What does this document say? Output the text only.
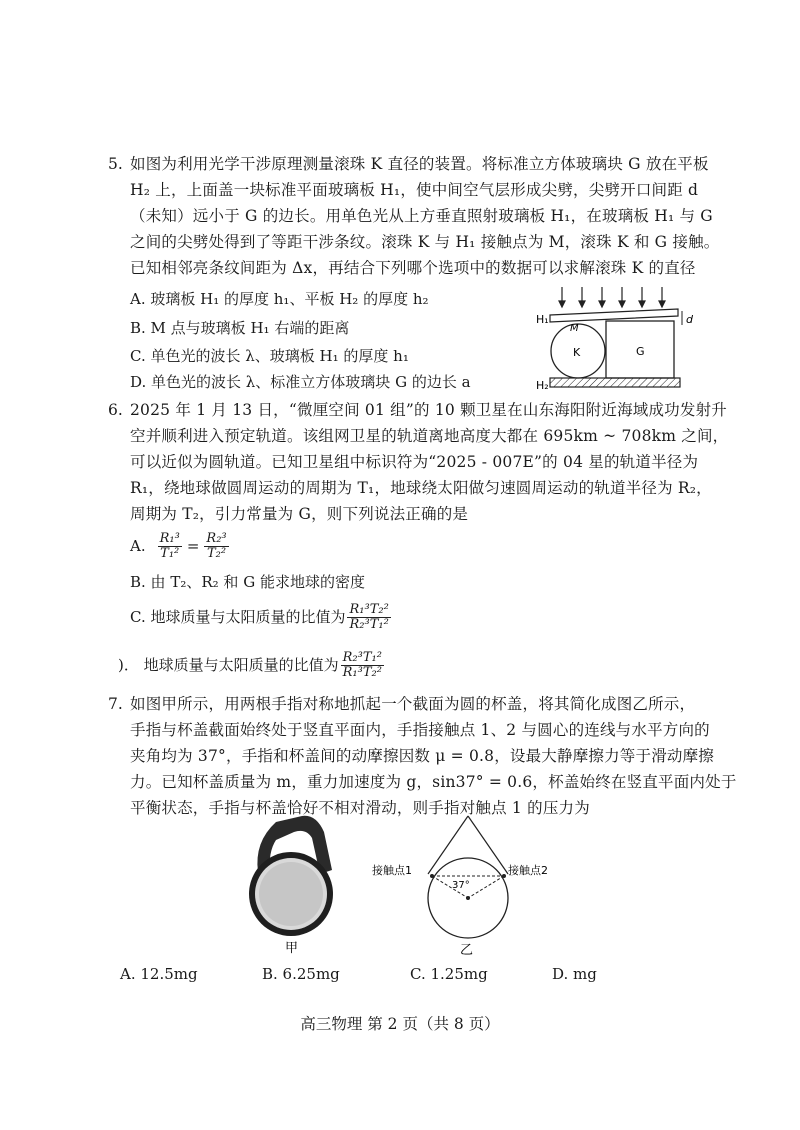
5. 如图为利用光学干涉原理测量滚珠 K 直径的装置。将标准立方体玻璃块 G 放在平板
H₂ 上，上面盖一块标准平面玻璃板 H₁，使中间空气层形成尖劈，尖劈开口间距 d
（未知）远小于 G 的边长。用单色光从上方垂直照射玻璃板 H₁，在玻璃板 H₁ 与 G
之间的尖劈处得到了等距干涉条纹。滚珠 K 与 H₁ 接触点为 M，滚珠 K 和 G 接触。
已知相邻亮条纹间距为 Δx，再结合下列哪个选项中的数据可以求解滚珠 K 的直径
A. 玻璃板 H₁ 的厚度 h₁、平板 H₂ 的厚度 h₂
B. M 点与玻璃板 H₁ 右端的距离
C. 单色光的波长 λ、玻璃板 H₁ 的厚度 h₁
D. 单色光的波长 λ、标准立方体玻璃块 G 的边长 a
H₁	d
K
M
G
H₂
6. 2025 年 1 月 13 日，“微厘空间 01 组”的 10 颗卫星在山东海阳附近海域成功发射升
空并顺利进入预定轨道。该组网卫星的轨道离地高度大都在 695km ~ 708km 之间，
可以近似为圆轨道。已知卫星组中标识符为“2025 - 007E”的 04 星的轨道半径为
R₁，绕地球做圆周运动的周期为 T₁，地球绕太阳做匀速圆周运动的轨道半径为 R₂，
周期为 T₂，引力常量为 G，则下列说法正确的是
A. $\frac{\text{R₁³}}{\text{T₁²}} = \frac{\text{R₂³}}{\text{T₂²}}$
B. 由 T₂、R₂ 和 G 能求地球的密度
C. 地球质量与太阳质量的比值为 $\frac{\text{R₁³T₂²}}{\text{R₂³T₁²}}$
)． 地球质量与太阳质量的比值为 $\frac{\text{R₂³T₁²}}{\text{R₁³T₂²}}$
7. 如图甲所示，用两根手指对称地抓起一个截面为圆的杯盖，将其简化成图乙所示，
手指与杯盖截面始终处于竖直平面内，手指接触点 1、2 与圆心的连线与水平方向的
夹角均为 37°，手指和杯盖间的动摩擦因数 μ = 0.8，设最大静摩擦力等于滑动摩擦
力。已知杯盖质量为 m，重力加速度为 g，sin37° = 0.6，杯盖始终在竖直平面内处于
平衡状态，手指与杯盖恰好不相对滑动，则手指对触点 1 的压力为
甲
37°
接触点1	接触点2
乙
A. 12.5mg	B. 6.25mg	C. 1.25mg	D. mg
高三物理 第 2 页（共 8 页）
